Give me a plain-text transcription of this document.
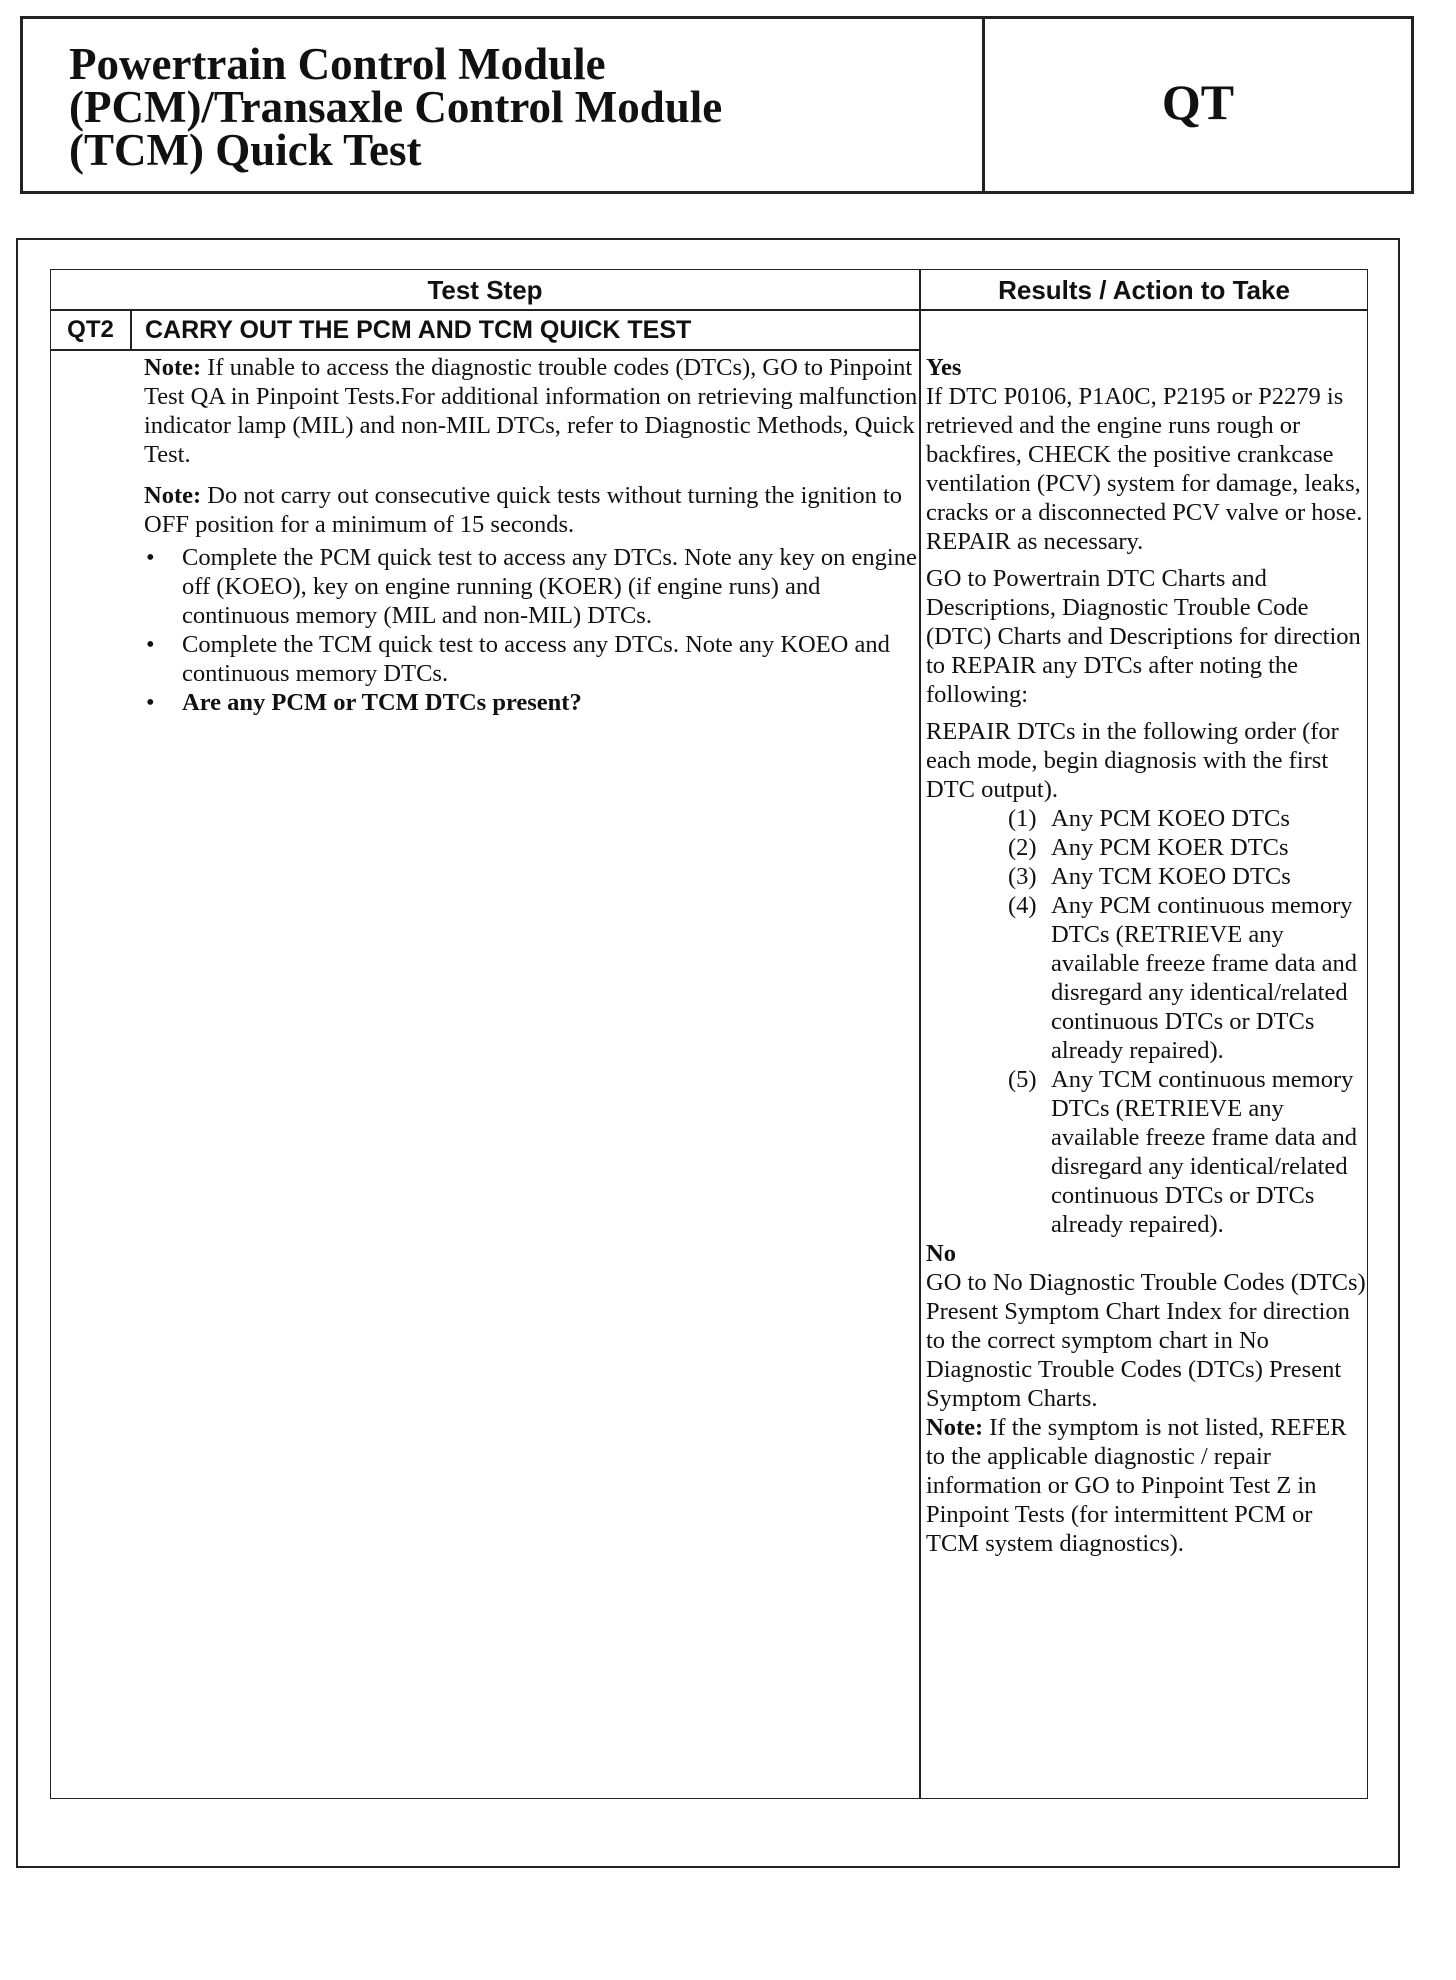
Powertrain Control Module
(PCM)/Transaxle Control Module
(TCM) Quick Test
QT
Test Step	Results / Action to Take
QT2	CARRY OUT THE PCM AND TCM QUICK TEST

Note: If unable to access the diagnostic trouble codes (DTCs), GO to Pinpoint Test QA in Pinpoint Tests.For additional information on retrieving malfunction indicator lamp (MIL) and non-MIL DTCs, refer to Diagnostic Methods, Quick Test.

Note: Do not carry out consecutive quick tests without turning the ignition to OFF position for a minimum of 15 seconds.

• Complete the PCM quick test to access any DTCs. Note any key on engine off (KOEO), key on engine running (KOER) (if engine runs) and continuous memory (MIL and non-MIL) DTCs.
• Complete the TCM quick test to access any DTCs. Note any KOEO and continuous memory DTCs.
• Are any PCM or TCM DTCs present?

Yes

If DTC P0106, P1A0C, P2195 or P2279 is retrieved and the engine runs rough or backfires, CHECK the positive crankcase ventilation (PCV) system for damage, leaks, cracks or a disconnected PCV valve or hose. REPAIR as necessary.

GO to Powertrain DTC Charts and Descriptions, Diagnostic Trouble Code (DTC) Charts and Descriptions for direction to REPAIR any DTCs after noting the following:

REPAIR DTCs in the following order (for each mode, begin diagnosis with the first DTC output).

(1) Any PCM KOEO DTCs
(2) Any PCM KOER DTCs
(3) Any TCM KOEO DTCs
(4) Any PCM continuous memory DTCs (RETRIEVE any available freeze frame data and disregard any identical/related continuous DTCs or DTCs already repaired).
(5) Any TCM continuous memory DTCs (RETRIEVE any available freeze frame data and disregard any identical/related continuous DTCs or DTCs already repaired).

No

GO to No Diagnostic Trouble Codes (DTCs) Present Symptom Chart Index for direction to the correct symptom chart in No Diagnostic Trouble Codes (DTCs) Present Symptom Charts.

Note: If the symptom is not listed, REFER to the applicable diagnostic / repair information or GO to Pinpoint Test Z in Pinpoint Tests (for intermittent PCM or TCM system diagnostics).
